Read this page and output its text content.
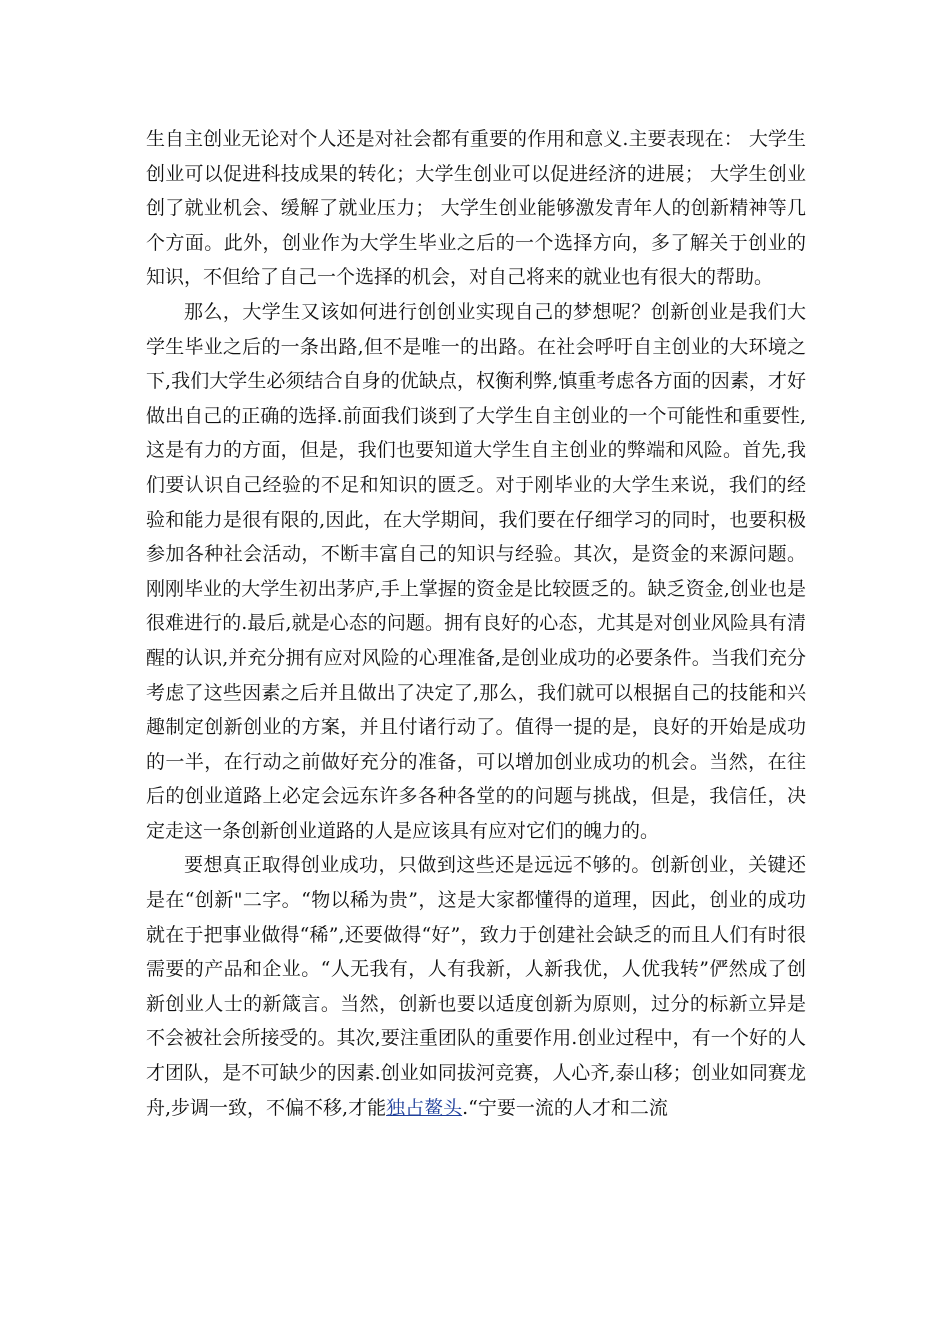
生自主创业无论对个人还是对社会都有重要的作用和意义.主要表现在： 大学生创业可以促进科技成果的转化；大学生创业可以促进经济的进展； 大学生创业创了就业机会、缓解了就业压力； 大学生创业能够激发青年人的创新精神等几个方面。此外，创业作为大学生毕业之后的一个选择方向，多了解关于创业的知识，不但给了自己一个选择的机会，对自己将来的就业也有很大的帮助。

那么，大学生又该如何进行创创业实现自己的梦想呢？创新创业是我们大学生毕业之后的一条出路,但不是唯一的出路。在社会呼吁自主创业的大环境之下,我们大学生必须结合自身的优缺点，权衡利弊,慎重考虑各方面的因素，才好做出自己的正确的选择.前面我们谈到了大学生自主创业的一个可能性和重要性,这是有力的方面，但是，我们也要知道大学生自主创业的弊端和风险。首先,我们要认识自己经验的不足和知识的匮乏。对于刚毕业的大学生来说，我们的经验和能力是很有限的,因此，在大学期间，我们要在仔细学习的同时，也要积极参加各种社会活动，不断丰富自己的知识与经验。其次，是资金的来源问题。刚刚毕业的大学生初出茅庐,手上掌握的资金是比较匮乏的。缺乏资金,创业也是很难进行的.最后,就是心态的问题。拥有良好的心态，尤其是对创业风险具有清醒的认识,并充分拥有应对风险的心理准备,是创业成功的必要条件。当我们充分考虑了这些因素之后并且做出了决定了,那么，我们就可以根据自己的技能和兴趣制定创新创业的方案，并且付诸行动了。值得一提的是，良好的开始是成功的一半，在行动之前做好充分的准备，可以增加创业成功的机会。当然，在往后的创业道路上必定会远东许多各种各堂的的问题与挑战，但是，我信任，决定走这一条创新创业道路的人是应该具有应对它们的魄力的。

要想真正取得创业成功，只做到这些还是远远不够的。创新创业，关键还是在“创新"二字。“物以稀为贵”，这是大家都懂得的道理，因此，创业的成功就在于把事业做得“稀”,还要做得“好”，致力于创建社会缺乏的而且人们有时很需要的产品和企业。“人无我有，人有我新，人新我优，人优我转”俨然成了创新创业人士的新箴言。当然，创新也要以适度创新为原则，过分的标新立异是不会被社会所接受的。其次,要注重团队的重要作用.创业过程中，有一个好的人才团队，是不可缺少的因素.创业如同拔河竞赛，人心齐,泰山移；创业如同赛龙舟,步调一致，不偏不移,才能独占鳌头.“宁要一流的人才和二流
